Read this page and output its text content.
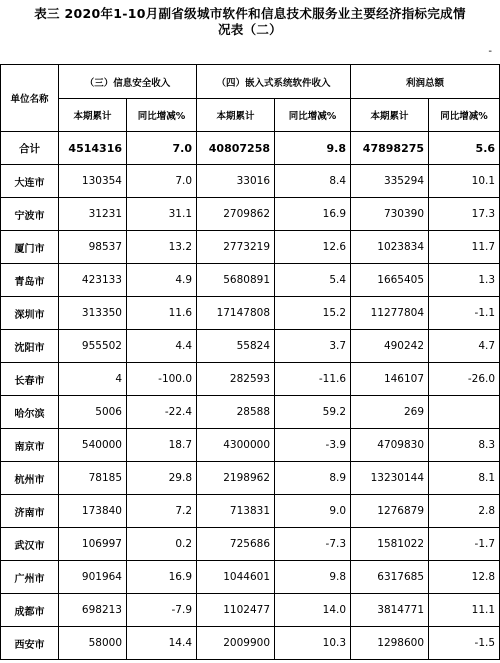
表三 2020年1-10月副省级城市软件和信息技术服务业主要经济指标完成情
况表（二）
-
单位名称	（三）信息安全收入		（四）嵌入式系统软件收入		利润总额	
	本期累计	同比增减%	本期累计	同比增减%	本期累计	同比增减%
合计	4514316	7.0	40807258	9.8	47898275	5.6
大连市	130354	7.0	33016	8.4	335294	10.1
宁波市	31231	31.1	2709862	16.9	730390	17.3
厦门市	98537	13.2	2773219	12.6	1023834	11.7
青岛市	423133	4.9	5680891	5.4	1665405	1.3
深圳市	313350	11.6	17147808	15.2	11277804	-1.1
沈阳市	955502	4.4	55824	3.7	490242	4.7
长春市	4	-100.0	282593	-11.6	146107	-26.0
哈尔滨	5006	-22.4	28588	59.2	269	
南京市	540000	18.7	4300000	-3.9	4709830	8.3
杭州市	78185	29.8	2198962	8.9	13230144	8.1
济南市	173840	7.2	713831	9.0	1276879	2.8
武汉市	106997	0.2	725686	-7.3	1581022	-1.7
广州市	901964	16.9	1044601	9.8	6317685	12.8
成都市	698213	-7.9	1102477	14.0	3814771	11.1
西安市	58000	14.4	2009900	10.3	1298600	-1.5
